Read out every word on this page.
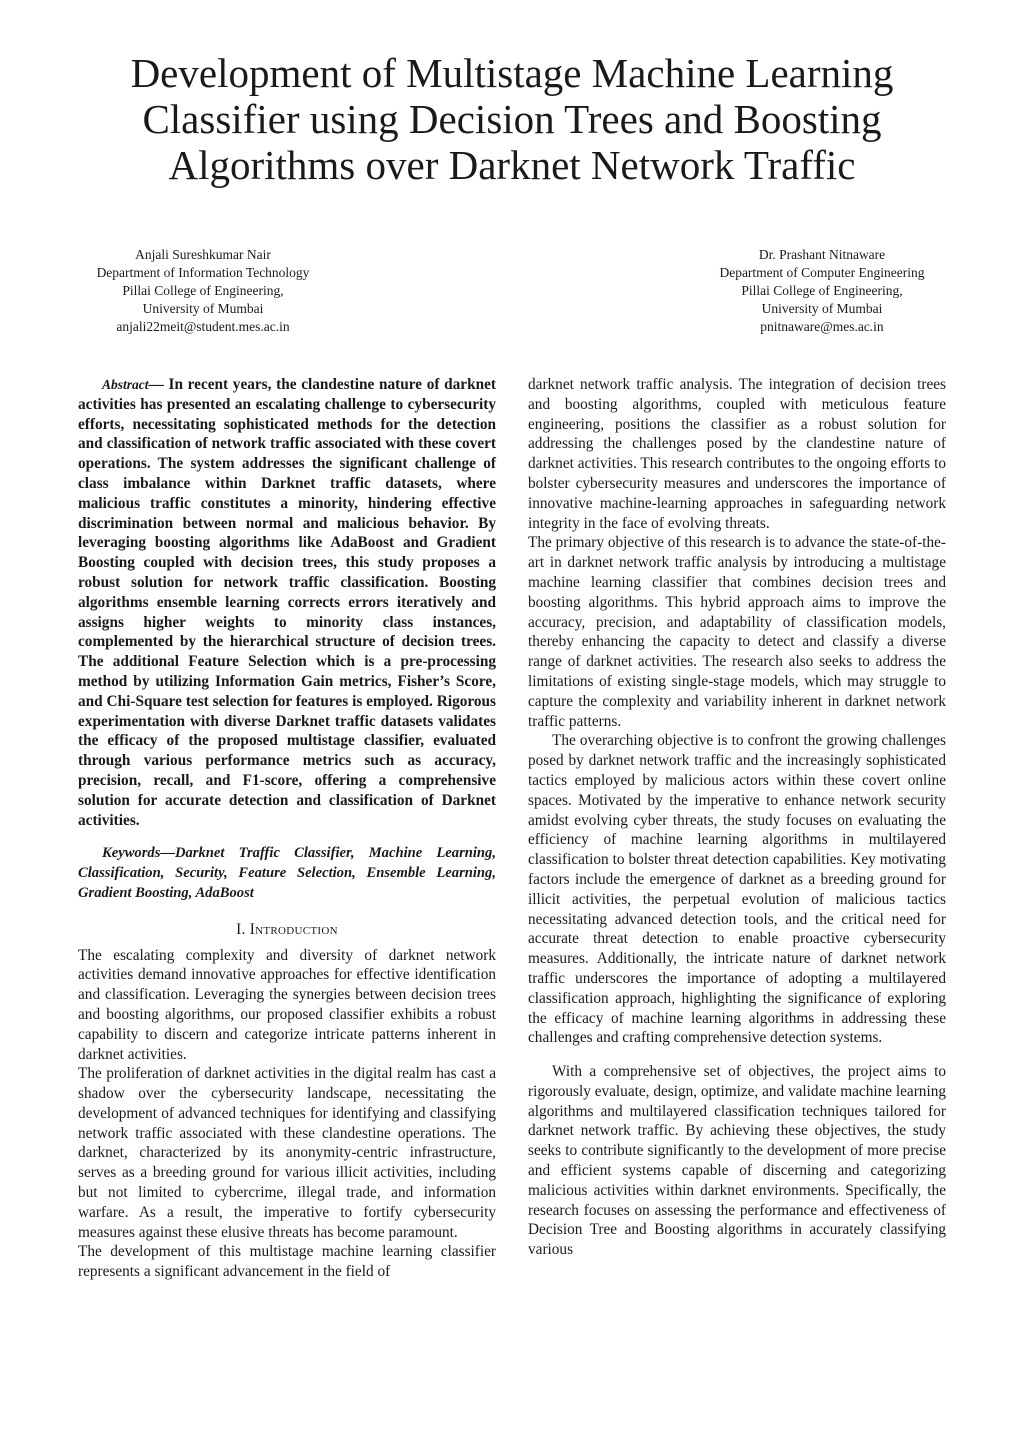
Development of Multistage Machine Learning Classifier using Decision Trees and Boosting Algorithms over Darknet Network Traffic
Anjali Sureshkumar Nair
Department of Information Technology
Pillai College of Engineering,
University of Mumbai
anjali22meit@student.mes.ac.in
Dr. Prashant Nitnaware
Department of Computer Engineering
Pillai College of Engineering,
University of Mumbai
pnitnaware@mes.ac.in

Abstract— In recent years, the clandestine nature of darknet activities has presented an escalating challenge to cybersecurity efforts, necessitating sophisticated methods for the detection and classification of network traffic associated with these covert operations. The system addresses the significant challenge of class imbalance within Darknet traffic datasets, where malicious traffic constitutes a minority, hindering effective discrimination between normal and malicious behavior. By leveraging boosting algorithms like AdaBoost and Gradient Boosting coupled with decision trees, this study proposes a robust solution for network traffic classification. Boosting algorithms ensemble learning corrects errors iteratively and assigns higher weights to minority class instances, complemented by the hierarchical structure of decision trees. The additional Feature Selection which is a pre-processing method by utilizing Information Gain metrics, Fisher’s Score, and Chi-Square test selection for features is employed. Rigorous experimentation with diverse Darknet traffic datasets validates the efficacy of the proposed multistage classifier, evaluated through various performance metrics such as accuracy, precision, recall, and F1-score, offering a comprehensive solution for accurate detection and classification of Darknet activities.

Keywords—Darknet Traffic Classifier, Machine Learning, Classification, Security, Feature Selection, Ensemble Learning, Gradient Boosting, AdaBoost

I. Introduction

The escalating complexity and diversity of darknet network activities demand innovative approaches for effective identification and classification. Leveraging the synergies between decision trees and boosting algorithms, our proposed classifier exhibits a robust capability to discern and categorize intricate patterns inherent in darknet activities.

The proliferation of darknet activities in the digital realm has cast a shadow over the cybersecurity landscape, necessitating the development of advanced techniques for identifying and classifying network traffic associated with these clandestine operations. The darknet, characterized by its anonymity-centric infrastructure, serves as a breeding ground for various illicit activities, including but not limited to cybercrime, illegal trade, and information warfare. As a result, the imperative to fortify cybersecurity measures against these elusive threats has become paramount.

The development of this multistage machine learning classifier represents a significant advancement in the field of

darknet network traffic analysis. The integration of decision trees and boosting algorithms, coupled with meticulous feature engineering, positions the classifier as a robust solution for addressing the challenges posed by the clandestine nature of darknet activities. This research contributes to the ongoing efforts to bolster cybersecurity measures and underscores the importance of innovative machine-learning approaches in safeguarding network integrity in the face of evolving threats.

The primary objective of this research is to advance the state-of-the-art in darknet network traffic analysis by introducing a multistage machine learning classifier that combines decision trees and boosting algorithms. This hybrid approach aims to improve the accuracy, precision, and adaptability of classification models, thereby enhancing the capacity to detect and classify a diverse range of darknet activities. The research also seeks to address the limitations of existing single-stage models, which may struggle to capture the complexity and variability inherent in darknet network traffic patterns.

The overarching objective is to confront the growing challenges posed by darknet network traffic and the increasingly sophisticated tactics employed by malicious actors within these covert online spaces. Motivated by the imperative to enhance network security amidst evolving cyber threats, the study focuses on evaluating the efficiency of machine learning algorithms in multilayered classification to bolster threat detection capabilities. Key motivating factors include the emergence of darknet as a breeding ground for illicit activities, the perpetual evolution of malicious tactics necessitating advanced detection tools, and the critical need for accurate threat detection to enable proactive cybersecurity measures. Additionally, the intricate nature of darknet network traffic underscores the importance of adopting a multilayered classification approach, highlighting the significance of exploring the efficacy of machine learning algorithms in addressing these challenges and crafting comprehensive detection systems.

With a comprehensive set of objectives, the project aims to rigorously evaluate, design, optimize, and validate machine learning algorithms and multilayered classification techniques tailored for darknet network traffic. By achieving these objectives, the study seeks to contribute significantly to the development of more precise and efficient systems capable of discerning and categorizing malicious activities within darknet environments. Specifically, the research focuses on assessing the performance and effectiveness of Decision Tree and Boosting algorithms in accurately classifying various
